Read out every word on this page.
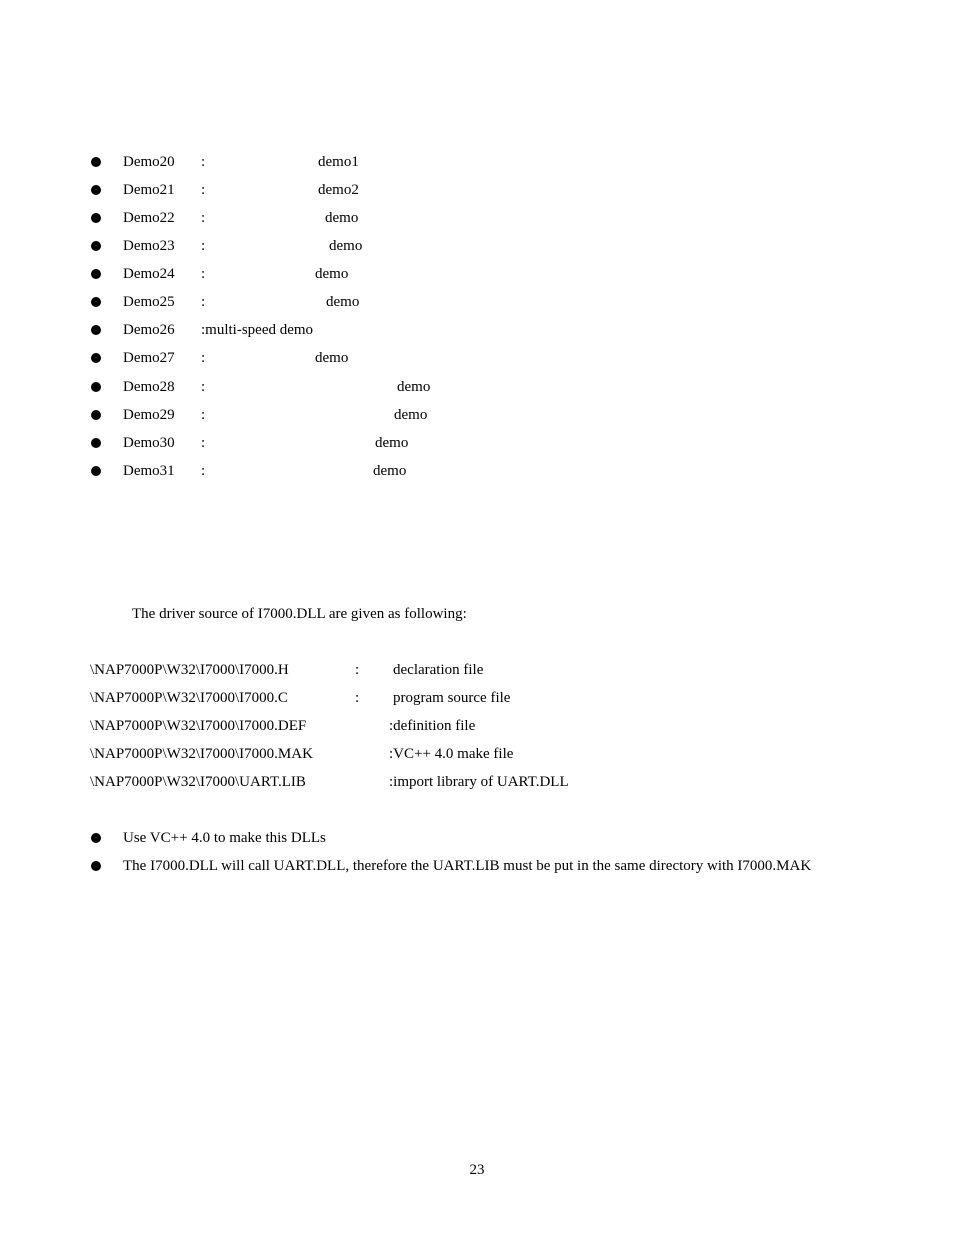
Demo20 :	demo1
Demo21 :	demo2
Demo22 :	demo
Demo23 :	demo
Demo24 :	demo
Demo25 :	demo
Demo26 :multi-speed demo
Demo27 :	demo
Demo28 :	demo
Demo29 :	demo
Demo30 :	demo
Demo31 :	demo
The driver source of I7000.DLL are given as following:
\NAP7000P\W32\I7000\I7000.H	: declaration file
\NAP7000P\W32\I7000\I7000.C	: program source file
\NAP7000P\W32\I7000\I7000.DEF	:definition file
\NAP7000P\W32\I7000\I7000.MAK	:VC++ 4.0 make file
\NAP7000P\W32\I7000\UART.LIB	:import library of UART.DLL
Use VC++ 4.0 to make this DLLs
The I7000.DLL will call UART.DLL, therefore the UART.LIB must be put in the same directory with I7000.MAK
23
